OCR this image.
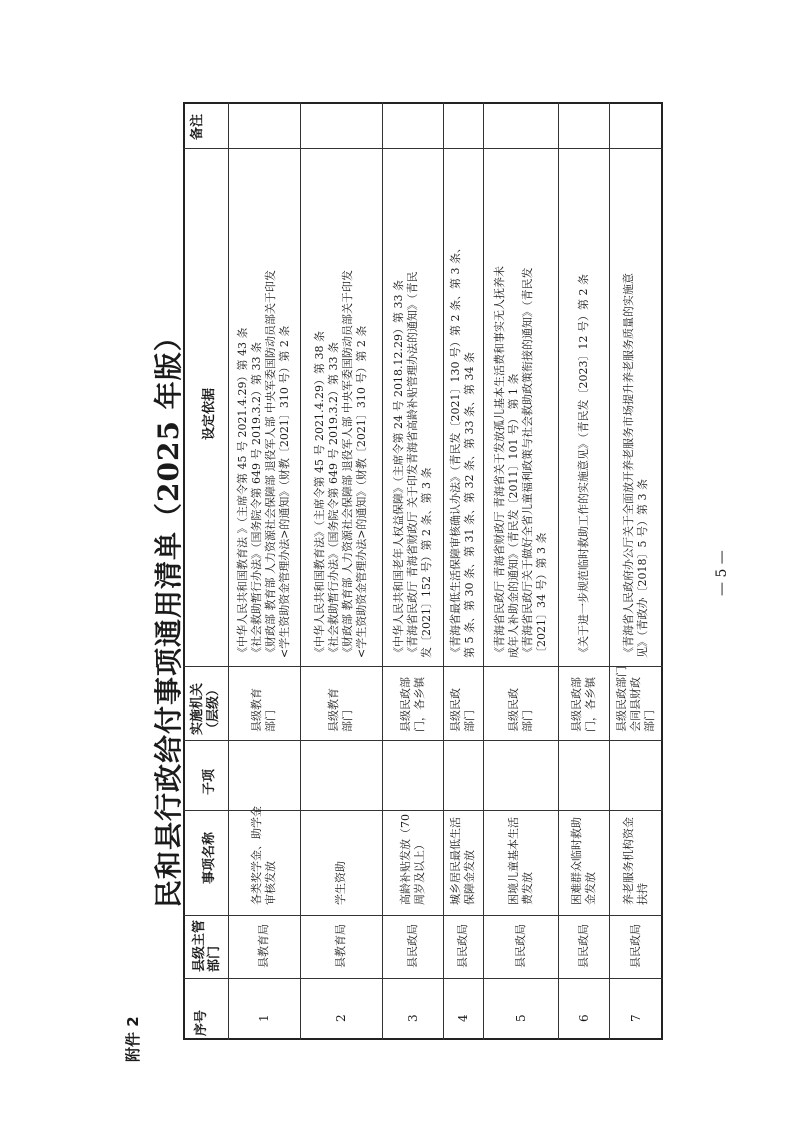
附件 2
民和县行政给付事项通用清单（2025 年版）	— 5 —
序号
县级主管部门
事项名称
子项
实施机关（层级）
设定依据
备注
1
县教育局
各类奖学金、助学金 审核发放
县级教育 部门
《中华人民共和国教育法 》（主席令第 45 号 2021.4.29）第 43 条 《社会救助暂行办法》（国务院令第 649 号 2019.3.2）第 33 条 《财政部 教育部 人力资源社会保障部 退役军人部 中央军委国防动员部关于印发 <学生资助资金管理办法>的通知》（财教〔2021〕310 号）第 2 条
2
县教育局
学生资助
县级教育 部门
《中华人民共和国教育法》（主席令第 45 号 2021.4.29）第 38 条 《社会救助暂行办法》（国务院令第 649 号 2019.3.2）第 33 条 《财政部 教育部 人力资源社会保障部 退役军人部 中央军委国防动员部关于印发 <学生资助资金管理办法>的通知》（财教〔2021〕310 号）第 2 条
3
县民政局
高龄补贴发放（70 周岁及以上）
县级民政部 门，各乡镇
《中华人民共和国老年人权益保障》（主席令第 24 号 2018.12.29）第 33 条 《青海省民政厅 青海省财政厅 关于印发青海省高龄补贴管理办法的通知》（青民 发〔2021〕152 号）第 2 条、第 3 条
4
县民政局
城乡居民最低生活 保障金发放
县级民政 部门
《青海省最低生活保障审核确认办法》（青民发〔2021〕130 号）第 2 条、第 3 条、 第 5 条、第 30 条、第 31 条、第 32 条、第 33 条、第 34 条
5
县民政局
困境儿童基本生活 费发放
县级民政 部门
《青海省民政厅 青海省财政厅 青海省关于发放孤儿基本生活费和事实无人抚养未 成年人补助金的通知》（青民发〔2011〕101 号） 第 1 条 《青海省民政厅关于做好全省儿童福利政策与社会救助政策衔接的通知》（青民发 〔2021〕34 号）第 3 条
6
县民政局
困难群众临时救助 金发放
县级民政部 门，各乡镇
《关于进一步规范临时救助工作的实施意见》（青民发〔2023〕12 号）第 2 条
7
县民政局
养老服务机构资金 扶持
县级民政部门 会同县财政 部门
《青海省人民政府办公厅关于全面放开养老服务市场提升养老服务质量的实施意 见》（青政办〔2018〕5 号）第 3 条
